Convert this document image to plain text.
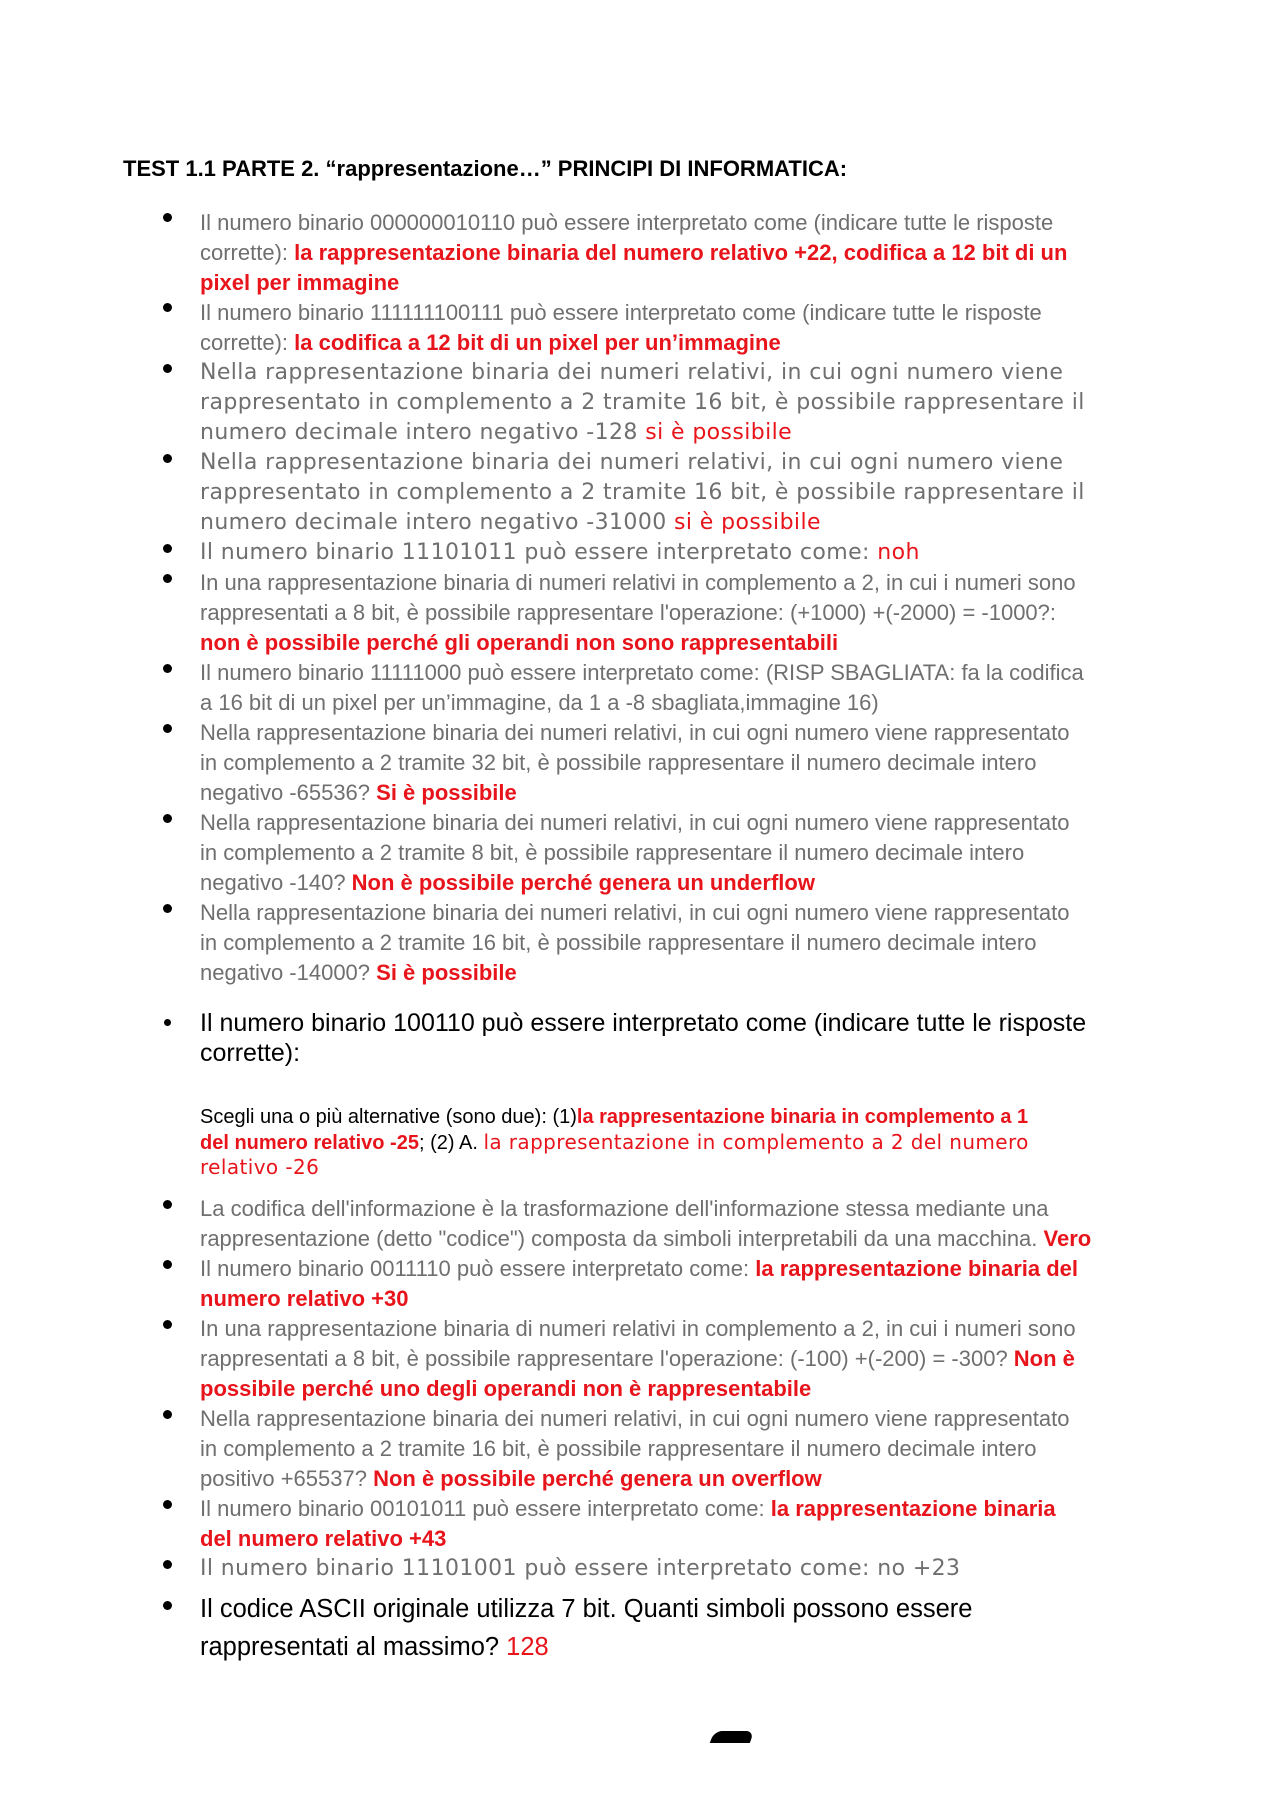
TEST 1.1 PARTE 2. “rappresentazione…” PRINCIPI DI INFORMATICA:
Il numero binario 000000010110 può essere interpretato come (indicare tutte le risposte
corrette): la rappresentazione binaria del numero relativo +22, codifica a 12 bit di un
pixel per immagine
Il numero binario 111111100111 può essere interpretato come (indicare tutte le risposte
corrette): la codifica a 12 bit di un pixel per un’immagine
Nella rappresentazione binaria dei numeri relativi, in cui ogni numero viene
rappresentato in complemento a 2 tramite 16 bit, è possibile rappresentare il
numero decimale intero negativo -128 si è possibile
Nella rappresentazione binaria dei numeri relativi, in cui ogni numero viene
rappresentato in complemento a 2 tramite 16 bit, è possibile rappresentare il
numero decimale intero negativo -31000 si è possibile
Il numero binario 11101011 può essere interpretato come: noh
In una rappresentazione binaria di numeri relativi in complemento a 2, in cui i numeri sono
rappresentati a 8 bit, è possibile rappresentare l'operazione: (+1000) +(-2000) = -1000?:
non è possibile perché gli operandi non sono rappresentabili
Il numero binario 11111000 può essere interpretato come: (RISP SBAGLIATA: fa la codifica
a 16 bit di un pixel per un’immagine, da 1 a -8 sbagliata,immagine 16)
Nella rappresentazione binaria dei numeri relativi, in cui ogni numero viene rappresentato
in complemento a 2 tramite 32 bit, è possibile rappresentare il numero decimale intero
negativo -65536? Si è possibile
Nella rappresentazione binaria dei numeri relativi, in cui ogni numero viene rappresentato
in complemento a 2 tramite 8 bit, è possibile rappresentare il numero decimale intero
negativo -140? Non è possibile perché genera un underflow
Nella rappresentazione binaria dei numeri relativi, in cui ogni numero viene rappresentato
in complemento a 2 tramite 16 bit, è possibile rappresentare il numero decimale intero
negativo -14000? Si è possibile
Il numero binario 100110 può essere interpretato come (indicare tutte le risposte
corrette):
Scegli una o più alternative (sono due): (1)la rappresentazione binaria in complemento a 1
del numero relativo -25; (2) A. la rappresentazione in complemento a 2 del numero
relativo -26
La codifica dell'informazione è la trasformazione dell'informazione stessa mediante una
rappresentazione (detto "codice") composta da simboli interpretabili da una macchina. Vero
Il numero binario 0011110 può essere interpretato come: la rappresentazione binaria del
numero relativo +30
In una rappresentazione binaria di numeri relativi in complemento a 2, in cui i numeri sono
rappresentati a 8 bit, è possibile rappresentare l'operazione: (-100) +(-200) = -300? Non è
possibile perché uno degli operandi non è rappresentabile
Nella rappresentazione binaria dei numeri relativi, in cui ogni numero viene rappresentato
in complemento a 2 tramite 16 bit, è possibile rappresentare il numero decimale intero
positivo +65537? Non è possibile perché genera un overflow
Il numero binario 00101011 può essere interpretato come: la rappresentazione binaria
del numero relativo +43
Il numero binario 11101001 può essere interpretato come: no +23
Il codice ASCII originale utilizza 7 bit. Quanti simboli possono essere
rappresentati al massimo? 128
